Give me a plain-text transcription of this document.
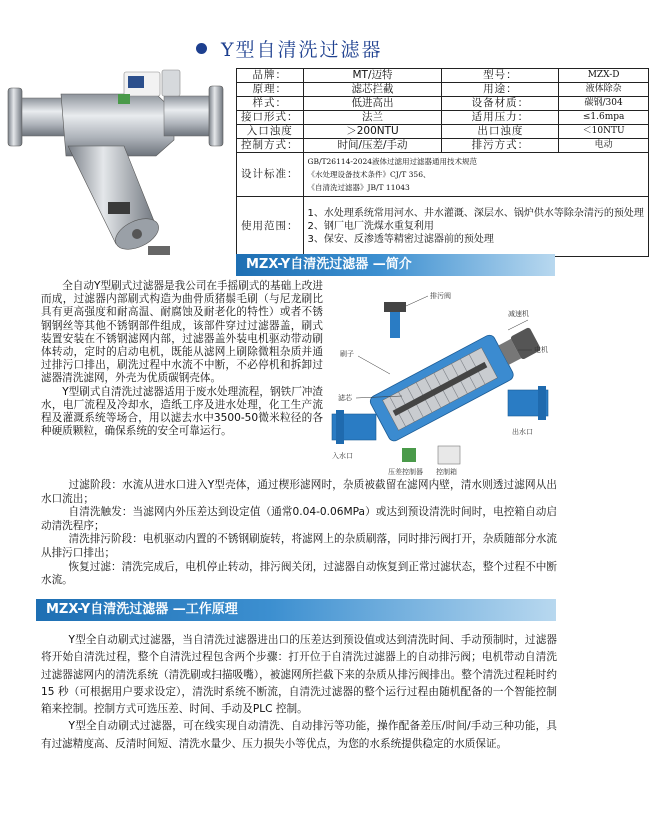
Y型自清洗过滤器
品牌：	MT/迈特	型号：	MZX-D
原理：	滤芯拦截	用途：	液体除杂
样式：	低进高出	设备材质：	碳钢/304
接口形式：	法兰	适用压力：	≤1.6mpa
入口浊度	＞200NTU	出口浊度	＜10NTU
控制方式：	时间/压差/手动	排污方式：	电动
设计标准：	GB/T26114-2024液体过滤用过滤器通用技术规范
《水处理设备技术条件》CJ/T 356、
《自清洗过滤器》JB/T 11043		

使用范围：	1、水处理系统常用河水、井水灌溉、深层水、锅炉供水等除杂清污的预处理
2、钢厂电厂洗煤水重复利用
3、保安、反渗透等精密过滤器前的预处理		
MZX-Y自清洗过滤器 —简介

全自动Y型刷式过滤器是我公司在手摇刷式的基础上改进而成，过滤器内部刷式构造为曲骨质猪鬃毛刷（与尼龙刷比具有更高强度和耐高温、耐腐蚀及耐老化的特性）或者不锈钢钢丝等其他不锈钢部件组成，该部件穿过过滤器盖，刷式装置安装在不锈钢滤网内部，过滤器盖外装电机驱动带动刷体转动，定时的启动电机，既能从滤网上刷除微粗杂质并通过排污口排出，刷洗过程中水流不中断，不必停机和拆卸过滤器清洗滤网，外壳为优质碳钢壳体。

Y型刷式自清洗过滤器适用于废水处理流程，钢铁厂冲渣水，电厂流程及冷却水，造纸工序及进水处理，化工生产流程及灌溉系统等场合，用以滤去水中3500-50微米粒径的各种硬质颗粒，确保系统的安全可靠运行。

排污阀
减速机
电机
刷子
滤芯
入水口
压差控制器 控制箱
出水口

过滤阶段：水流从进水口进入Y型壳体，通过楔形滤网时，杂质被截留在滤网内壁，清水则透过滤网从出水口流出；

自清洗触发：当滤网内外压差达到设定值（通常0.04-0.06MPa）或达到预设清洗时间时，电控箱自动启动清洗程序；

清洗排污阶段：电机驱动内置的不锈钢刷旋转，将滤网上的杂质刷落，同时排污阀打开，杂质随部分水流从排污口排出；

恢复过滤：清洗完成后，电机停止转动，排污阀关闭，过滤器自动恢复到正常过滤状态，整个过程不中断水流。

MZX-Y自清洗过滤器 —工作原理

Y型全自动刷式过滤器，当自清洗过滤器进出口的压差达到预设值或达到清洗时间、手动预制时，过滤器将开始自清洗过程，整个自清洗过程包含两个步骤：打开位于自清洗过滤器上的自动排污阀；电机带动自清洗过滤器滤网内的清洗系统（清洗刷或扫描吸嘴），被滤网所拦截下来的杂质从排污阀排出。整个清洗过程耗时约15 秒（可根据用户要求设定），清洗时系统不断流，自清洗过滤器的整个运行过程由随机配备的一个智能控制箱来控制。控制方式可选压差、时间、手动及PLC 控制。

Y型全自动刷式过滤器，可在线实现自动清洗、自动排污等功能，操作配备差压/时间/手动三种功能，具有过滤精度高、反清时间短、清洗水量少、压力损失小等优点，为您的水系统提供稳定的水质保证。
